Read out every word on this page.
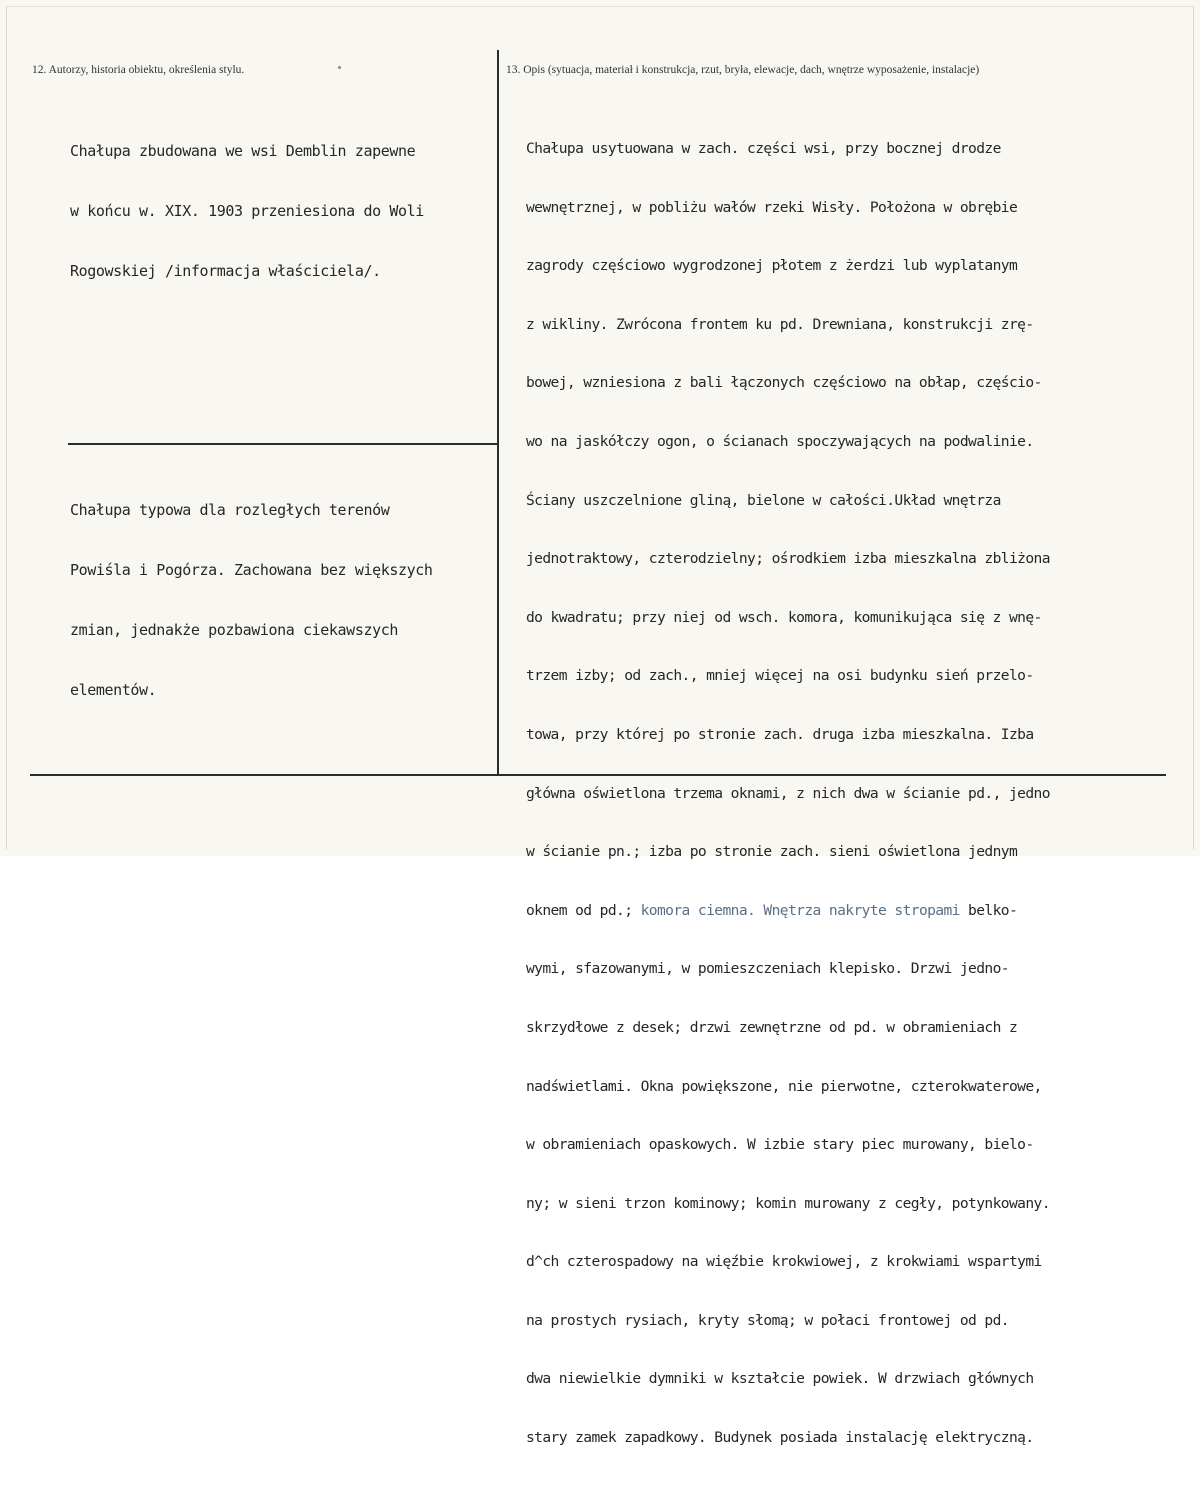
12. Autorzy, historia obiektu, określenia stylu.	13. Opis (sytuacja, materiał i konstrukcja, rzut, bryła, elewacje, dach, wnętrze wyposażenie, instalacje)

Chałupa zbudowana we wsi Demblin zapewne

w końcu w. XIX. 1903 przeniesiona do Woli

Rogowskiej /informacja właściciela/.

Chałupa typowa dla rozległych terenów

Powiśla i Pogórza. Zachowana bez większych

zmian, jednakże pozbawiona ciekawszych

elementów.

Chałupa usytuowana w zach. części wsi, przy bocznej drodze

wewnętrznej, w pobliżu wałów rzeki Wisły. Położona w obrębie

zagrody częściowo wygrodzonej płotem z żerdzi lub wyplatanym

z wikliny. Zwrócona frontem ku pd. Drewniana, konstrukcji zrę-

bowej, wzniesiona z bali łączonych częściowo na obłap, częścio-

wo na jaskółczy ogon, o ścianach spoczywających na podwalinie.

Ściany uszczelnione gliną, bielone w całości.Układ wnętrza

jednotraktowy, czterodzielny; ośrodkiem izba mieszkalna zbliżona

do kwadratu; przy niej od wsch. komora, komunikująca się z wnę-

trzem izby; od zach., mniej więcej na osi budynku sień przelo-

towa, przy której po stronie zach. druga izba mieszkalna. Izba

główna oświetlona trzema oknami, z nich dwa w ścianie pd., jedno

w ścianie pn.; izba po stronie zach. sieni oświetlona jednym

oknem od pd.; komora ciemna. Wnętrza nakryte stropami belko-

wymi, sfazowanymi, w pomieszczeniach klepisko. Drzwi jedno-

skrzydłowe z desek; drzwi zewnętrzne od pd. w obramieniach z

nadświetlami. Okna powiększone, nie pierwotne, czterokwaterowe,

w obramieniach opaskowych. W izbie stary piec murowany, bielo-

ny; w sieni trzon kominowy; komin murowany z cegły, potynkowany.

d^ch czterospadowy na więźbie krokwiowej, z krokwiami wspartymi

na prostych rysiach, kryty słomą; w połaci frontowej od pd.

dwa niewielkie dymniki w kształcie powiek. W drzwiach głównych

stary zamek zapadkowy. Budynek posiada instalację elektryczną.
